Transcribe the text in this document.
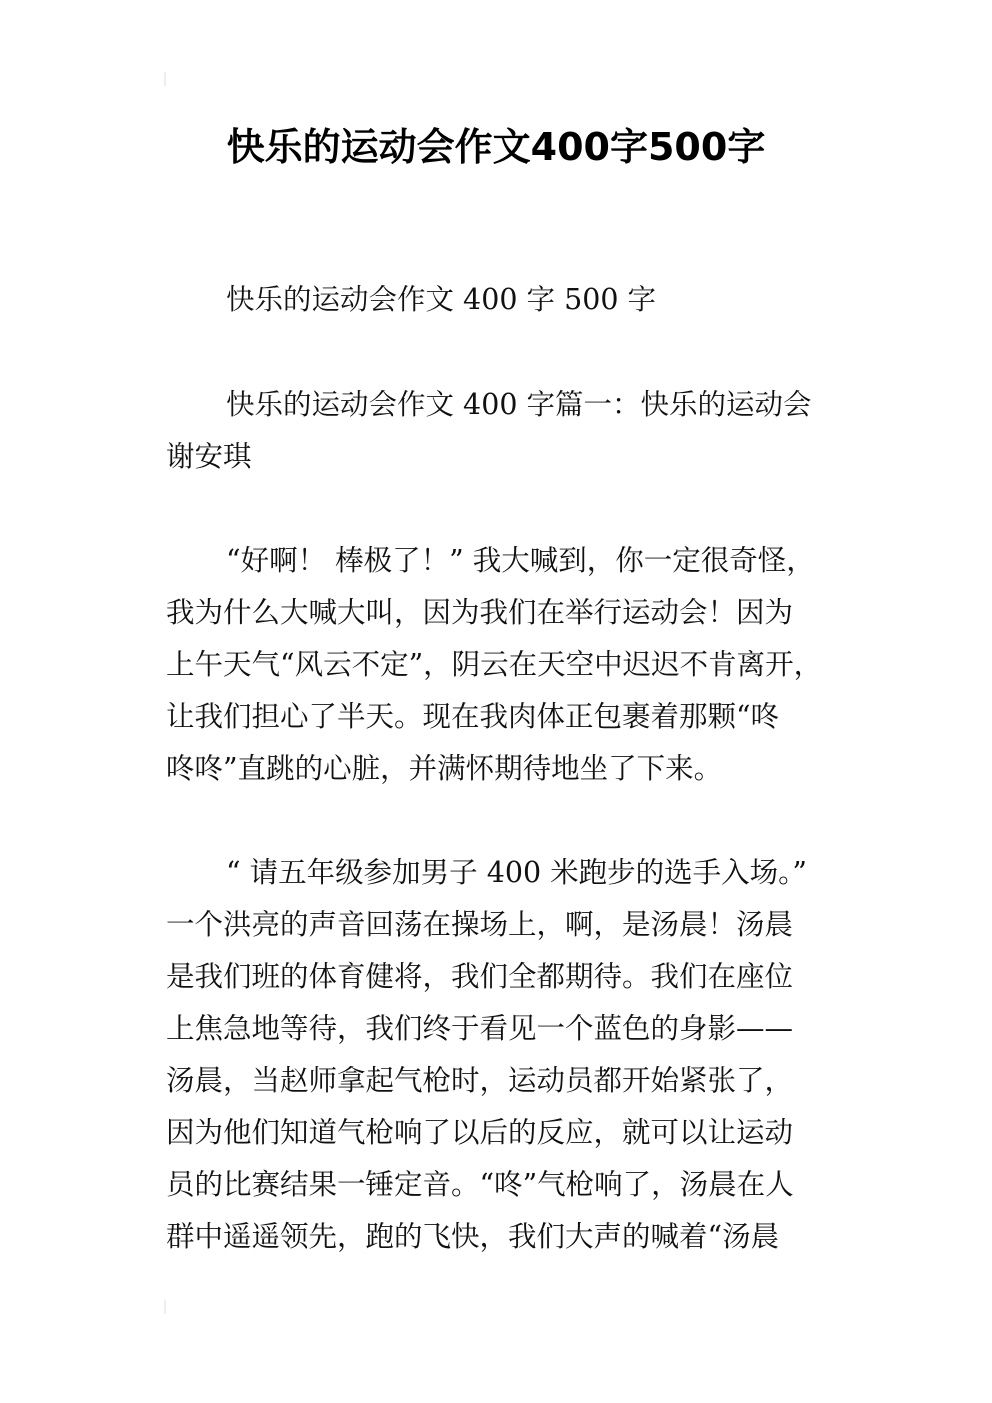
快乐的运动会作文400字500字
快乐的运动会作文 400 字 500 字
快乐的运动会作文 400 字篇一：快乐的运动会
谢安琪
“好啊！ 棒极了！” 我大喊到，你一定很奇怪，
我为什么大喊大叫，因为我们在举行运动会！因为
上午天气“风云不定”，阴云在天空中迟迟不肯离开，
让我们担心了半天。现在我肉体正包裹着那颗“咚
咚咚”直跳的心脏，并满怀期待地坐了下来。
“ 请五年级参加男子 400 米跑步的选手入场。”
一个洪亮的声音回荡在操场上，啊，是汤晨！汤晨
是我们班的体育健将，我们全都期待。我们在座位
上焦急地等待，我们终于看见一个蓝色的身影——
汤晨，当赵师拿起气枪时，运动员都开始紧张了，
因为他们知道气枪响了以后的反应，就可以让运动
员的比赛结果一锤定音。“咚”气枪响了，汤晨在人
群中遥遥领先，跑的飞快，我们大声的喊着“汤晨
